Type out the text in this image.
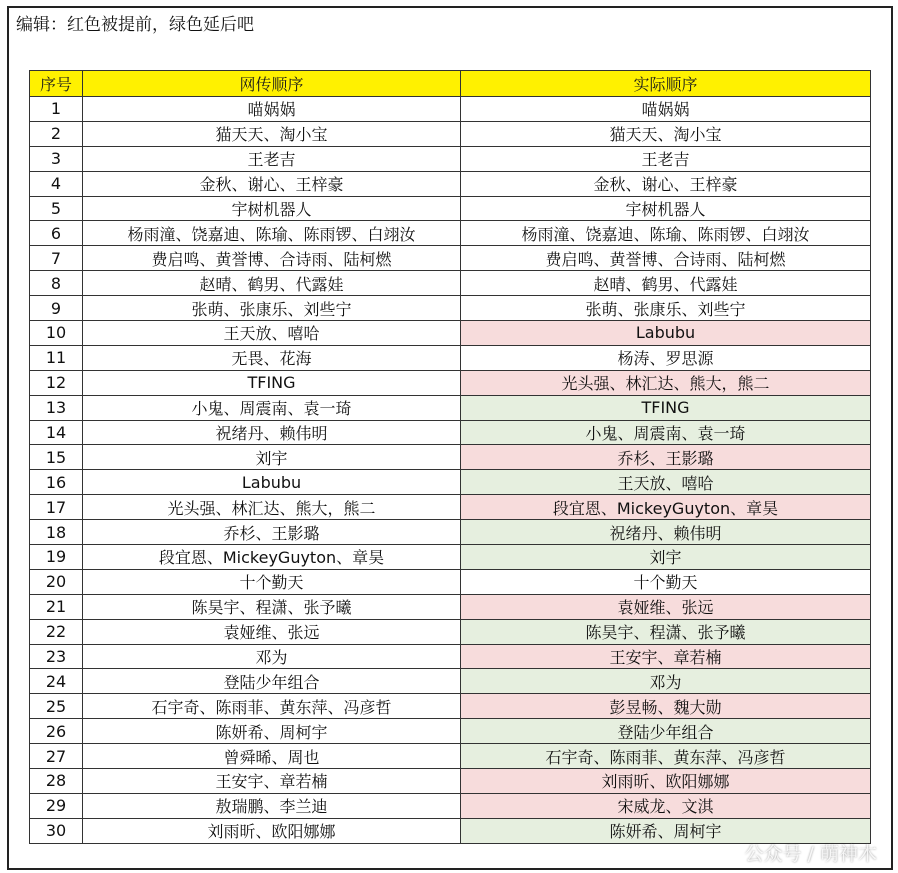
编辑：红色被提前，绿色延后吧
序号	网传顺序	实际顺序
1	喵娲娲	喵娲娲
2	猫天天、淘小宝	猫天天、淘小宝
3	王老吉	王老吉
4	金秋、谢心、王梓豪	金秋、谢心、王梓豪
5	宇树机器人	宇树机器人
6	杨雨潼、饶嘉迪、陈瑜、陈雨锣、白翊汝	杨雨潼、饶嘉迪、陈瑜、陈雨锣、白翊汝
7	费启鸣、黄誉博、合诗雨、陆柯燃	费启鸣、黄誉博、合诗雨、陆柯燃
8	赵晴、鹤男、代露娃	赵晴、鹤男、代露娃
9	张萌、张康乐、刘些宁	张萌、张康乐、刘些宁
10	王天放、嘻哈	Labubu
11	无畏、花海	杨涛、罗思源
12	TFING	光头强、林汇达、熊大，熊二
13	小鬼、周震南、袁一琦	TFING
14	祝绪丹、赖伟明	小鬼、周震南、袁一琦
15	刘宇	乔杉、王影璐
16	Labubu	王天放、嘻哈
17	光头强、林汇达、熊大，熊二	段宜恩、MickeyGuyton、章昊
18	乔杉、王影璐	祝绪丹、赖伟明
19	段宜恩、MickeyGuyton、章昊	刘宇
20	十个勤天	十个勤天
21	陈昊宇、程潇、张予曦	袁娅维、张远
22	袁娅维、张远	陈昊宇、程潇、张予曦
23	邓为	王安宇、章若楠
24	登陆少年组合	邓为
25	石宇奇、陈雨菲、黄东萍、冯彦哲	彭昱畅、魏大勋
26	陈妍希、周柯宇	登陆少年组合
27	曾舜晞、周也	石宇奇、陈雨菲、黄东萍、冯彦哲
28	王安宇、章若楠	刘雨昕、欧阳娜娜
29	敖瑞鹏、李兰迪	宋威龙、文淇
30	刘雨昕、欧阳娜娜	陈妍希、周柯宇
公众号 / 萌神木
